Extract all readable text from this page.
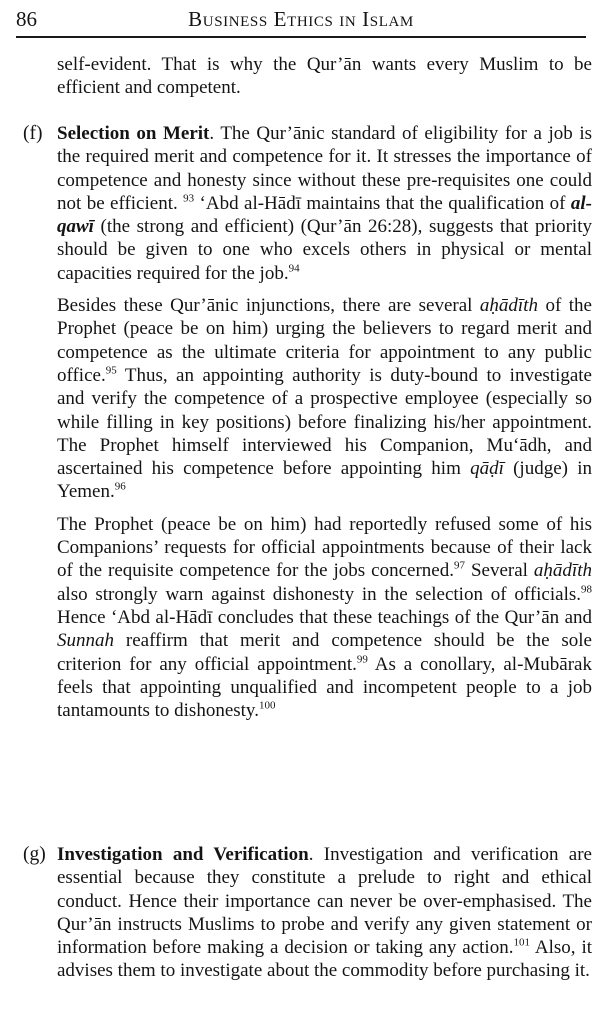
86	Business Ethics in Islam

self-evident. That is why the Qur’ān wants every Muslim to be efficient and competent.

(f) Selection on Merit. The Qur’ānic standard of eligibility for a job is the required merit and competence for it. It stresses the importance of competence and honesty since without these pre-requisites one could not be efficient. $^{93}$ ‘Abd al-Hādī maintains that the qualification of al-qawī (the strong and efficient) (Qur’ān 26:28), suggests that priority should be given to one who excels others in physical or mental capacities required for the job.$^{94}$

Besides these Qur’ānic injunctions, there are several aḥādīth of the Prophet (peace be on him) urging the believers to regard merit and competence as the ultimate criteria for appointment to any public office.$^{95}$ Thus, an appointing authority is duty-bound to investigate and verify the competence of a prospective employee (especially so while filling in key positions) before finalizing his/her appointment. The Prophet himself interviewed his Companion, Mu‘ādh, and ascertained his competence before appointing him qāḍī (judge) in Yemen.$^{96}$

The Prophet (peace be on him) had reportedly refused some of his Companions’ requests for official appointments because of their lack of the requisite competence for the jobs concerned.$^{97}$ Several aḥādīth also strongly warn against dishonesty in the selection of officials.$^{98}$ Hence ‘Abd al-Hādī concludes that these teachings of the Qur’ān and Sunnah reaffirm that merit and competence should be the sole criterion for any official appointment.$^{99}$ As a conollary, al-Mubārak feels that appointing unqualified and incompetent people to a job tantamounts to dishonesty.$^{100}$

(g) Investigation and Verification. Investigation and verification are essential because they constitute a prelude to right and ethical conduct. Hence their importance can never be over-emphasised. The Qur’ān instructs Muslims to probe and verify any given statement or information before making a decision or taking any action.$^{101}$ Also, it advises them to investigate about the commodity before purchasing it.
